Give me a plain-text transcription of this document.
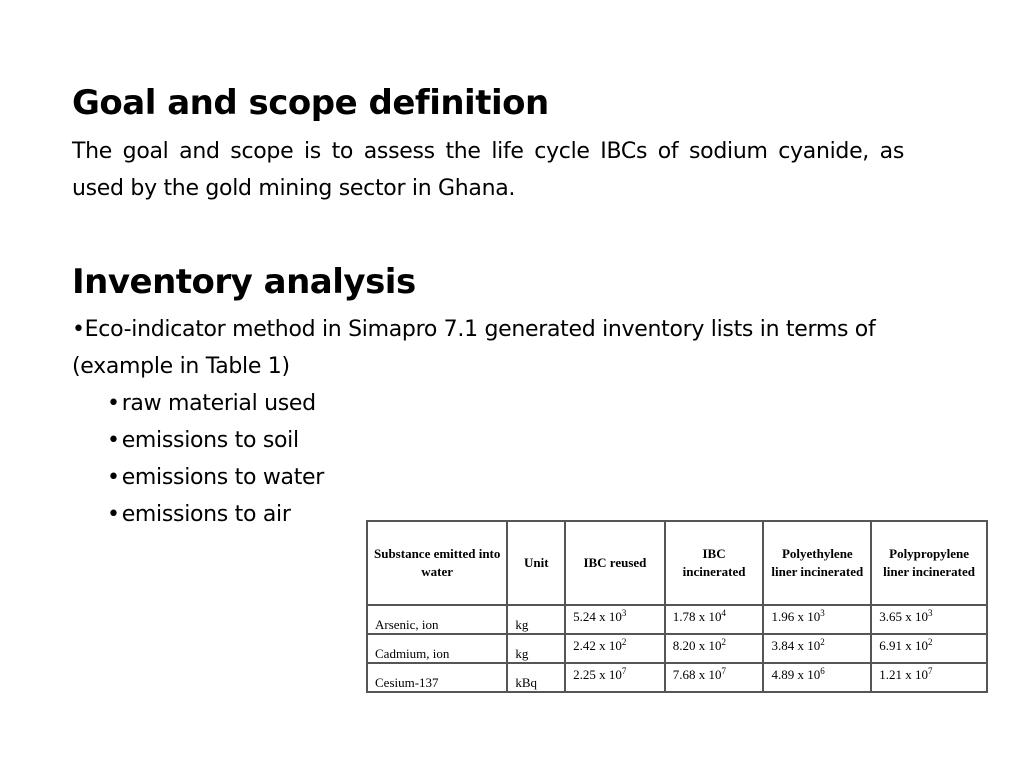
Goal and scope definition

The goal and scope is to assess the life cycle IBCs of sodium cyanide, as used by the gold mining sector in Ghana.

Inventory analysis

•Eco-indicator method in Simapro 7.1 generated inventory lists in terms of (example in Table 1)

•raw material used
•emissions to soil
•emissions to water
•emissions to air
Substance emitted into water	Unit	IBC reused	IBC incinerated	Polyethylene liner incinerated	Polypropylene liner incinerated
Arsenic, ion	kg	5.24 x $10^3$	1.78 x $10^4$	1.96 x $10^3$	3.65 x $10^3$
Cadmium, ion	kg	2.42 x $10^2$	8.20 x $10^2$	3.84 x $10^2$	6.91 x $10^2$
Cesium-137	kBq	2.25 x $10^7$	7.68 x $10^7$	4.89 x $10^6$	1.21 x $10^7$
